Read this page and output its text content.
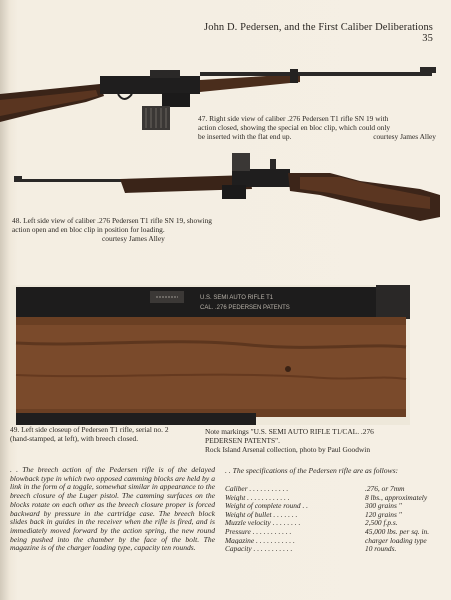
John D. Pedersen, and the First Caliber Deliberations 35
47. Right side view of caliber .276 Pedersen T1 rifle SN 19 with
action closed, showing the special en bloc clip, which could only
be inserted with the flat end up.	courtesy James Alley
48. Left side view of caliber .276 Pedersen T1 rifle SN 19, showing
action open and en bloc clip in position for loading.
courtesy James Alley
U.S. SEMI AUTO RIFLE T1
CAL. .276 PEDERSEN PATENTS
49. Left side closeup of Pedersen T1 rifle, serial no. 2
(hand-stamped, at left), with breech closed.
Note markings "U.S. SEMI AUTO RIFLE T1/CAL. .276
PEDERSEN PATENTS".
Rock Island Arsenal collection, photo by Paul Goodwin
. . The breech action of the Pedersen rifle is of the delayed blowback type in which two opposed camming blocks are held by a link in the form of a toggle, somewhat similar in appearance to the breech closure of the Luger pistol. The camming surfaces on the blocks rotate on each other as the breech closure proper is forced backward by pressure in the cartridge case. The breech block slides back in guides in the receiver when the rifle is fired, and is immediately moved forward by the action spring, the new round being pushed into the chamber by the face of the bolt. The magazine is of the charger loading type, capacity ten rounds.
. . The specifications of the Pedersen rifle are as follows:
Caliber . . . . . . . . . . .	.276, or 7mm
Weight . . . . . . . . . . . .	8 lbs., approximately
Weight of complete round . .	300 grains "
Weight of bullet . . . . . . .	120 grains "
Muzzle velocity . . . . . . . .	2,500 f.p.s.
Pressure . . . . . . . . . . .	45,000 lbs. per sq. in.
Magazine . . . . . . . . . . .	charger loading type
Capacity . . . . . . . . . . .	10 rounds.
